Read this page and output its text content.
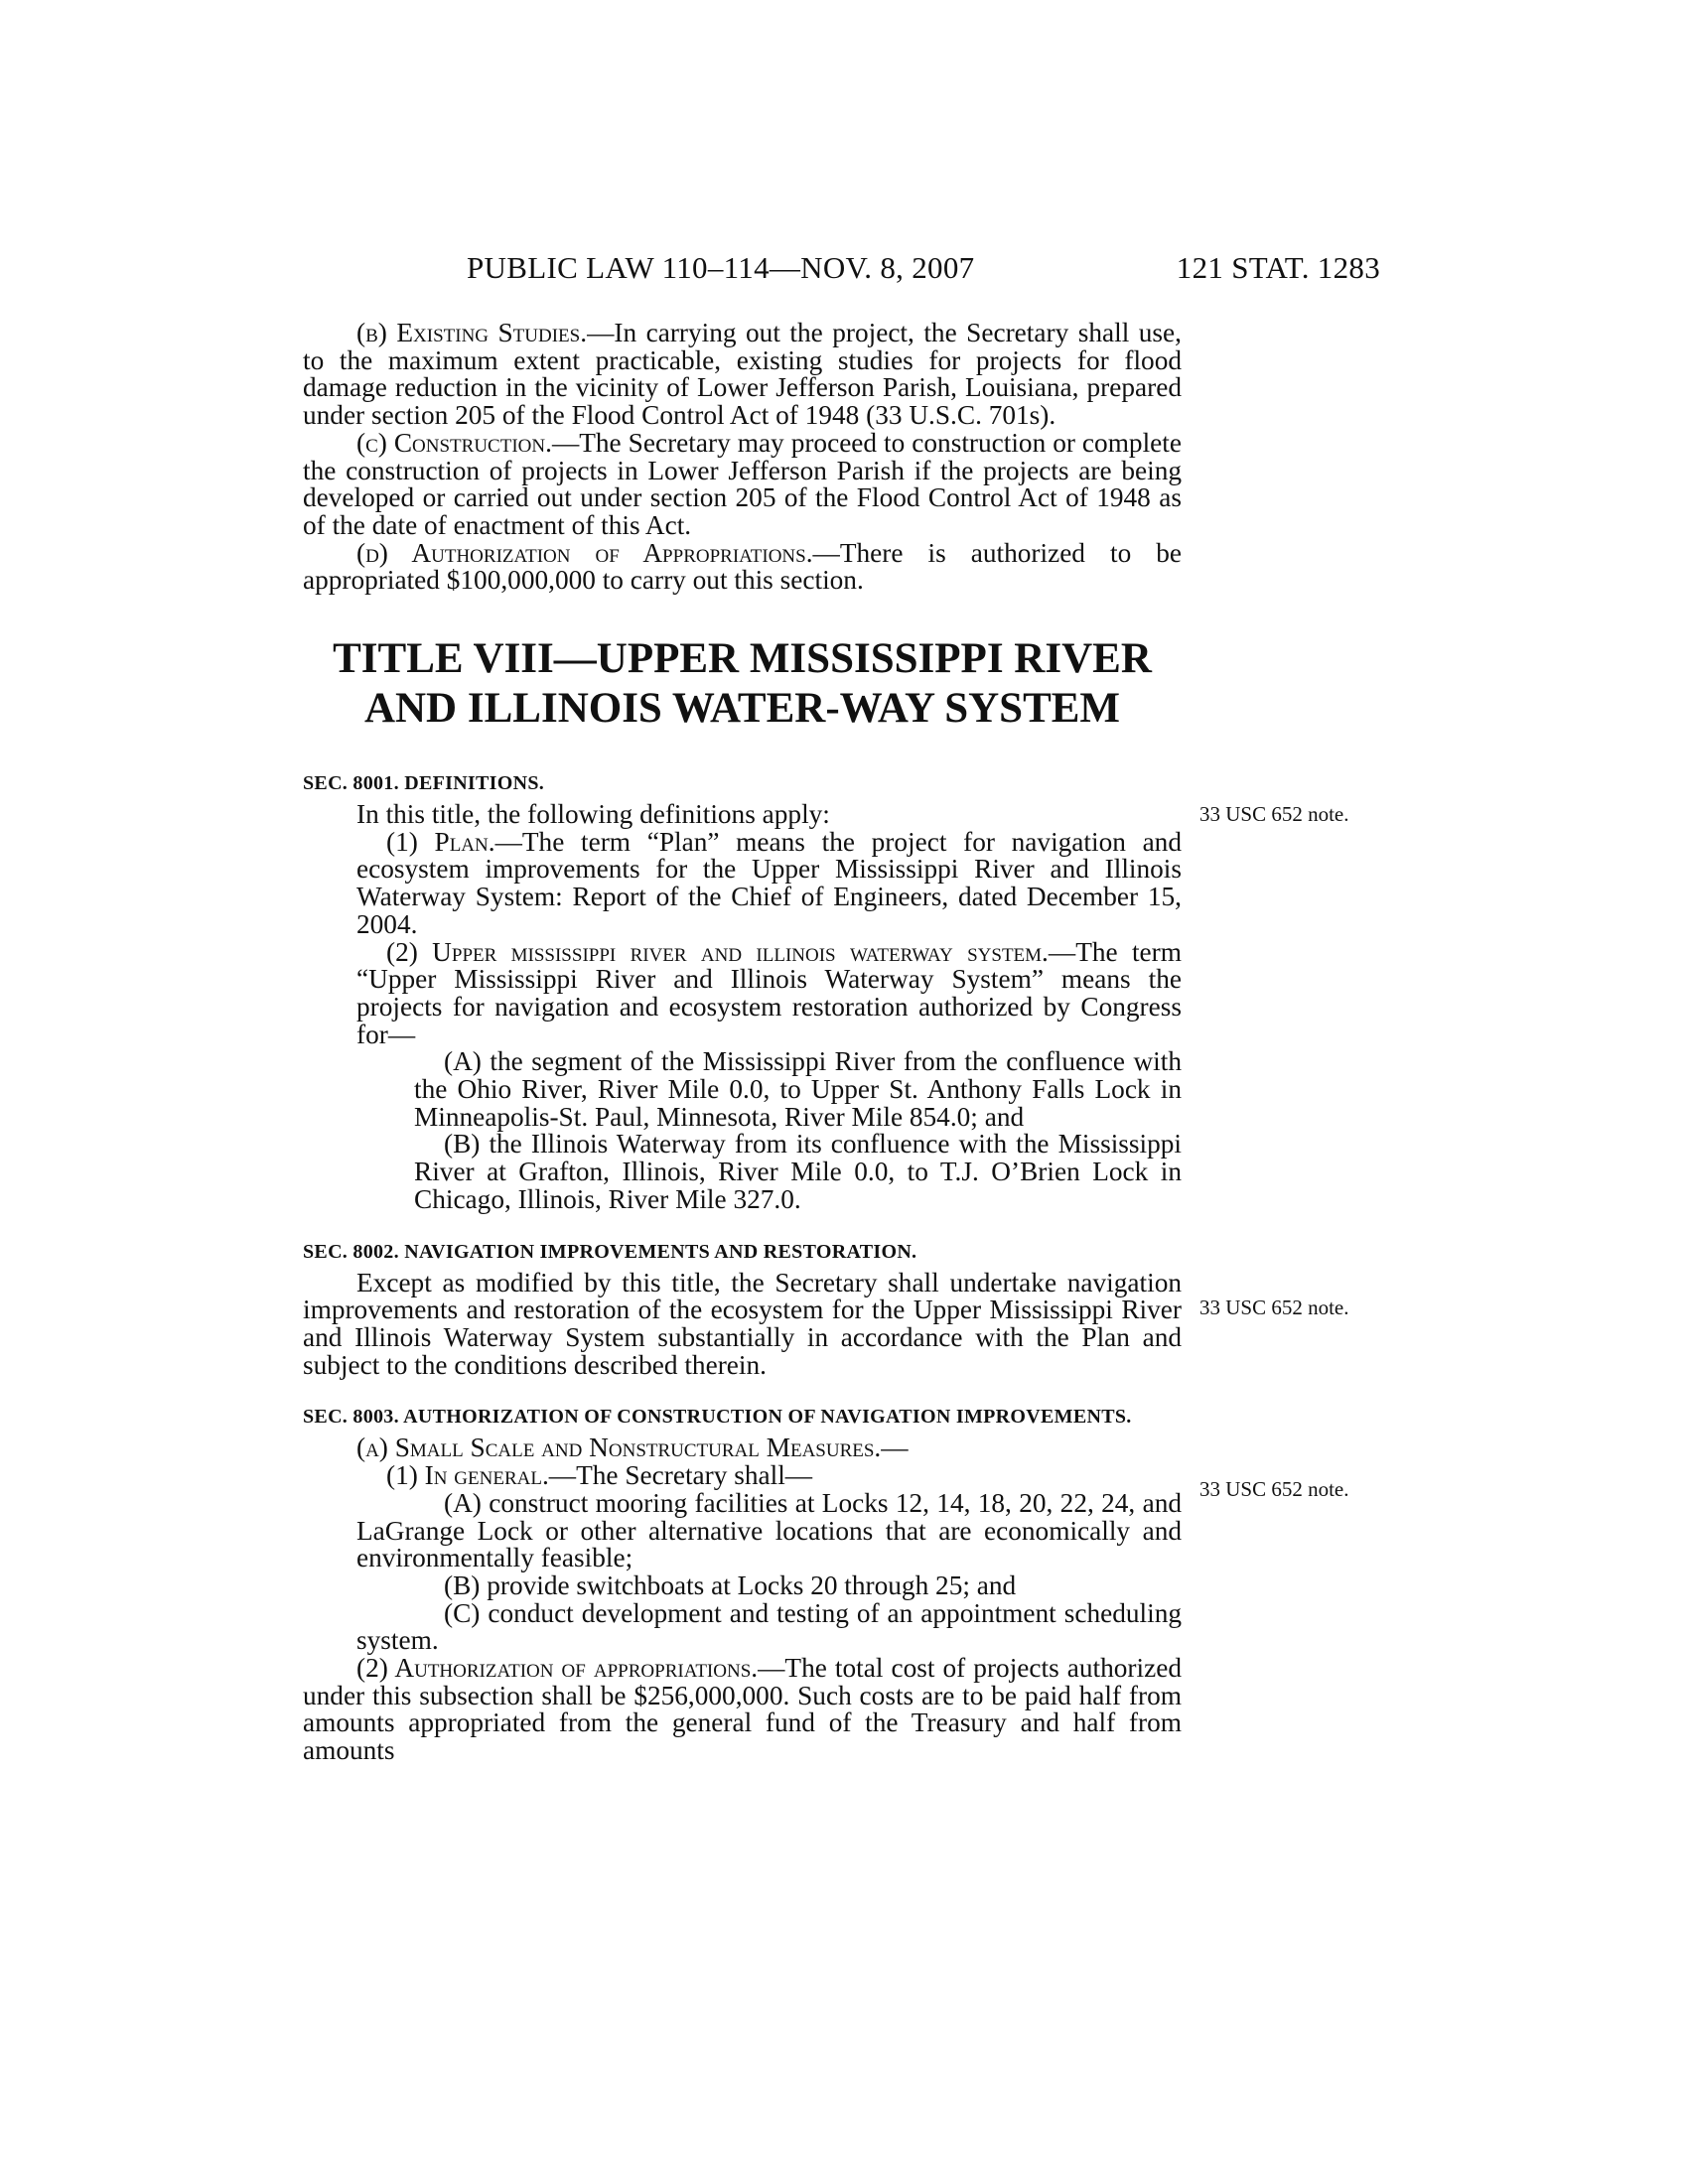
PUBLIC LAW 110–114—NOV. 8, 2007	121 STAT. 1283

(b) Existing Studies.—In carrying out the project, the Secretary shall use, to the maximum extent practicable, existing studies for projects for flood damage reduction in the vicinity of Lower Jefferson Parish, Louisiana, prepared under section 205 of the Flood Control Act of 1948 (33 U.S.C. 701s).

(c) Construction.—The Secretary may proceed to construction or complete the construction of projects in Lower Jefferson Parish if the projects are being developed or carried out under section 205 of the Flood Control Act of 1948 as of the date of enactment of this Act.

(d) Authorization of Appropriations.—There is authorized to be appropriated $100,000,000 to carry out this section.

TITLE VIII—UPPER MISSISSIPPI RIVER
AND ILLINOIS WATER-WAY SYSTEM
SEC. 8001. DEFINITIONS.

In this title, the following definitions apply:

(1) Plan.—The term “Plan” means the project for navigation and ecosystem improvements for the Upper Mississippi River and Illinois Waterway System: Report of the Chief of Engineers, dated December 15, 2004.

(2) Upper mississippi river and illinois waterway system.—The term “Upper Mississippi River and Illinois Waterway System” means the projects for navigation and ecosystem restoration authorized by Congress for—

(A) the segment of the Mississippi River from the confluence with the Ohio River, River Mile 0.0, to Upper St. Anthony Falls Lock in Minneapolis-St. Paul, Minnesota, River Mile 854.0; and

(B) the Illinois Waterway from its confluence with the Mississippi River at Grafton, Illinois, River Mile 0.0, to T.J. O’Brien Lock in Chicago, Illinois, River Mile 327.0.

SEC. 8002. NAVIGATION IMPROVEMENTS AND RESTORATION.

Except as modified by this title, the Secretary shall undertake navigation improvements and restoration of the ecosystem for the Upper Mississippi River and Illinois Waterway System substantially in accordance with the Plan and subject to the conditions described therein.

SEC. 8003. AUTHORIZATION OF CONSTRUCTION OF NAVIGATION IMPROVEMENTS.

(a) Small Scale and Nonstructural Measures.—

(1) In general.—The Secretary shall—

(A) construct mooring facilities at Locks 12, 14, 18, 20, 22, 24, and LaGrange Lock or other alternative locations that are economically and environmentally feasible;

(B) provide switchboats at Locks 20 through 25; and

(C) conduct development and testing of an appointment scheduling system.

(2) Authorization of appropriations.—The total cost of projects authorized under this subsection shall be $256,000,000. Such costs are to be paid half from amounts appropriated from the general fund of the Treasury and half from amounts

33 USC 652 note.
33 USC 652 note.
33 USC 652 note.
